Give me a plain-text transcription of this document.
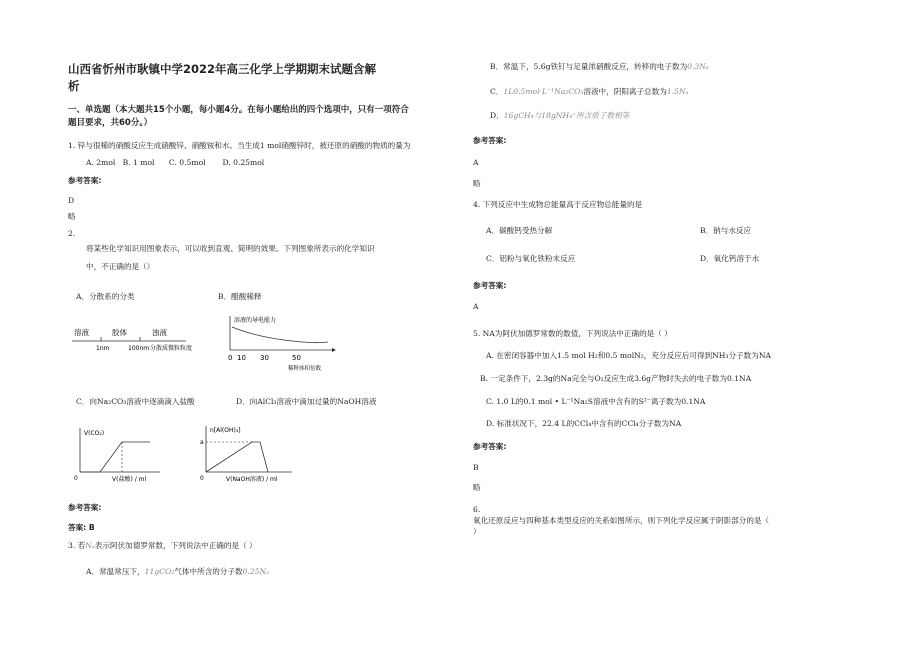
山西省忻州市耿镇中学2022年高三化学上学期期末试题含解
析
一、单选题（本大题共15个小题，每小题4分。在每小题给出的四个选项中，只有一项符合
题目要求，共60分。）
1. 锌与很稀的硝酸反应生成硝酸锌、硝酸铵和水。当生成1 mol硝酸锌时，被还原的硝酸的物质的量为
A. 2mol   B. 1 mol      C. 0.5mol       D. 0.25mol
参考答案:
D
略
2.
将某些化学知识用图象表示，可以收到直观、简明的效果。下列图象所表示的化学知识
中，不正确的是（）
A．分散系的分类	B．醋酸稀释
溶液	胶体	浊液
1nm	100nm 分散质微粒粒度
溶液的导电能力
0 10 30	50
稀释体积倍数
C．向Na₂CO₃溶液中逐滴滴入盐酸	D．向AlCl₃溶液中滴加过量的NaOH溶液
V(CO₂)
0	V(盐酸) / ml
n[Al(OH)₃]
a
0	V(NaOH溶液) / ml
参考答案:
答案: B
3. 若Nₐ表示阿伏加德罗常数，下列说法中正确的是（ ）
A．常温常压下，11gCO₂气体中所含的分子数0.25Nₐ
B．常温下，5.6g铁钉与足量浓硝酸反应，转移的电子数为0.3Nₐ
C．1L0.5mol·L⁻¹Na₂CO₃溶液中，阴阳离子总数为1.5Nₐ
D．16gCH₄与18gNH₄⁺所含质子数相等
参考答案:
A
略
4. 下列反应中生成物总能量高于反应物总能量的是
A．碳酸钙受热分解	B．钠与水反应
C．铝粉与氧化铁粉末反应	D．氧化钙溶于水
参考答案:
A
5. NA为阿伏加德罗常数的数值，下列说法中正确的是（ ）
A. 在密闭容器中加入1.5 mol H₂和0.5 molN₂，充分反应后可得到NH₃分子数为NA
B. 一定条件下，2.3g的Na完全与O₂反应生成3.6g产物时失去的电子数为0.1NA
C. 1.0 L的0.1 mol • L⁻¹Na₂S溶液中含有的S²⁻离子数为0.1NA
D. 标准状况下，22.4 L的CCl₄中含有的CCl₄分子数为NA
参考答案:
B
略
6.
氧化还原反应与四种基本类型反应的关系如图所示，则下列化学反应属于阴影部分的是（
）
